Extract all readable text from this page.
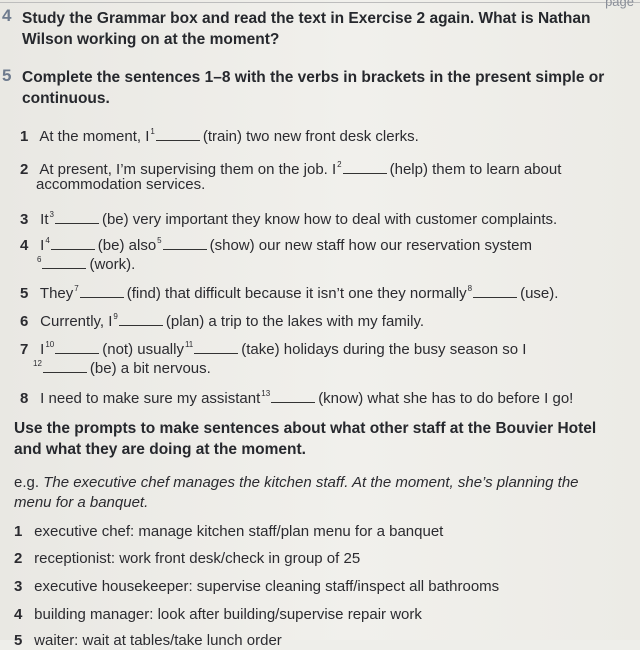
page
4 Study the Grammar box and read the text in Exercise 2 again. What is Nathan
Wilson working on at the moment?
5 Complete the sentences 1–8 with the verbs in brackets in the present simple or
continuous.
1 At the moment, $I^1$	(train) two new front desk clerks.
2 At present, I’m supervising them on the job. $I^2$	(help) them to learn about
accommodation services.
3 It$^3$	(be) very important they know how to deal with customer complaints.
4 $I^4$	(be) also$^5$	(show) our new staff how our reservation system
$^6$	(work).
5 They$^7$	(find) that difficult because it isn’t one they normally$^8$	(use).
6 Currently, $I^9$	(plan) a trip to the lakes with my family.
7 $I^{10}$	(not) usually$^{11}$	(take) holidays during the busy season so I
$^{12}$	(be) a bit nervous.
8 I need to make sure my assistant$^{13}$	(know) what she has to do before I go!
Use the prompts to make sentences about what other staff at the Bouvier Hotel
and what they are doing at the moment.
e.g. The executive chef manages the kitchen staff. At the moment, she’s planning the
menu for a banquet.
1 executive chef: manage kitchen staff/plan menu for a banquet
2 receptionist: work front desk/check in group of 25
3 executive housekeeper: supervise cleaning staff/inspect all bathrooms
4 building manager: look after building/supervise repair work
5 waiter: wait at tables/take lunch order
